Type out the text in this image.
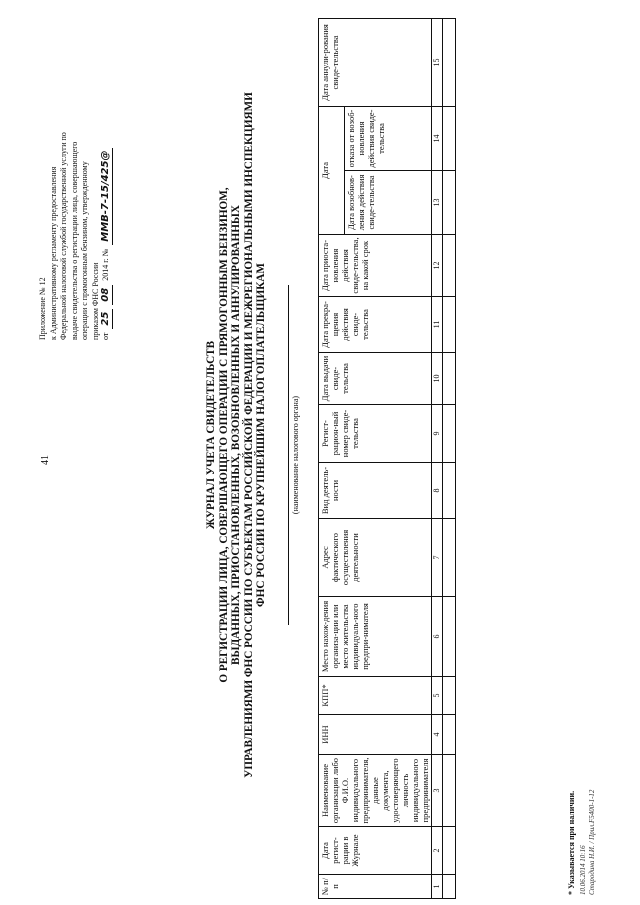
41
Приложение № 12 к Административному регламенту предоставления Федеральной налоговой службой государственной услуги по выдаче свидетельства о регистрации лица, совершающего операции с прямогонным бензином, утвержденному приказом ФНС России от
25
08
2014 г. №
ММВ-7-15/425@
ЖУРНАЛ УЧЕТА СВИДЕТЕЛЬСТВ О РЕГИСТРАЦИИ ЛИЦА, СОВЕРШАЮЩЕГО ОПЕРАЦИИ С ПРЯМОГОННЫМ БЕНЗИНОМ, ВЫДАННЫХ, ПРИОСТАНОВЛЕННЫХ, ВОЗОБНОВЛЕННЫХ И АННУЛИРОВАННЫХ УПРАВЛЕНИЯМИ ФНС РОССИИ ПО СУБЪЕКТАМ РОССИЙСКОЙ ФЕДЕРАЦИИ И МЕЖРЕГИОНАЛЬНЫМИ ИНСПЕКЦИЯМИ ФНС РОССИИ ПО КРУПНЕЙШИМ НАЛОГОПЛАТЕЛЬЩИКАМ	(наименование налогового органа)
№ п/п	Дата регист-рации в Журнале	Наименование организации либо Ф.И.О. индивидуального предпринимателя, данные документа, удостоверяющего личность индивидуального предпринимателя	ИНН	КПП*	Место нахож-дения организа-ции или место жительства индивидуаль-ного предпри-нимателя	Адрес фактического осуществления деятельности	Вид деятель-ности	Регист-рацион-ный номер свиде-тельства	Дата выдачи свиде-тельства	Дата прекра-щения действия свиде-тельства	Дата приоста-новления действия свиде-тельства, на какой срок	Дата		Дата аннули-рования свиде-тельства
												Дата возобнов-ления действия свиде-тельства	отказа от возоб-новления действия свиде-тельства	
1	2	3	4	5	6	7	8	9	10	11	12	13	14	15

* Указывается при наличии. 10.06.2014 10:16 Стародина Н.И. / Прил.F5400-1-12
